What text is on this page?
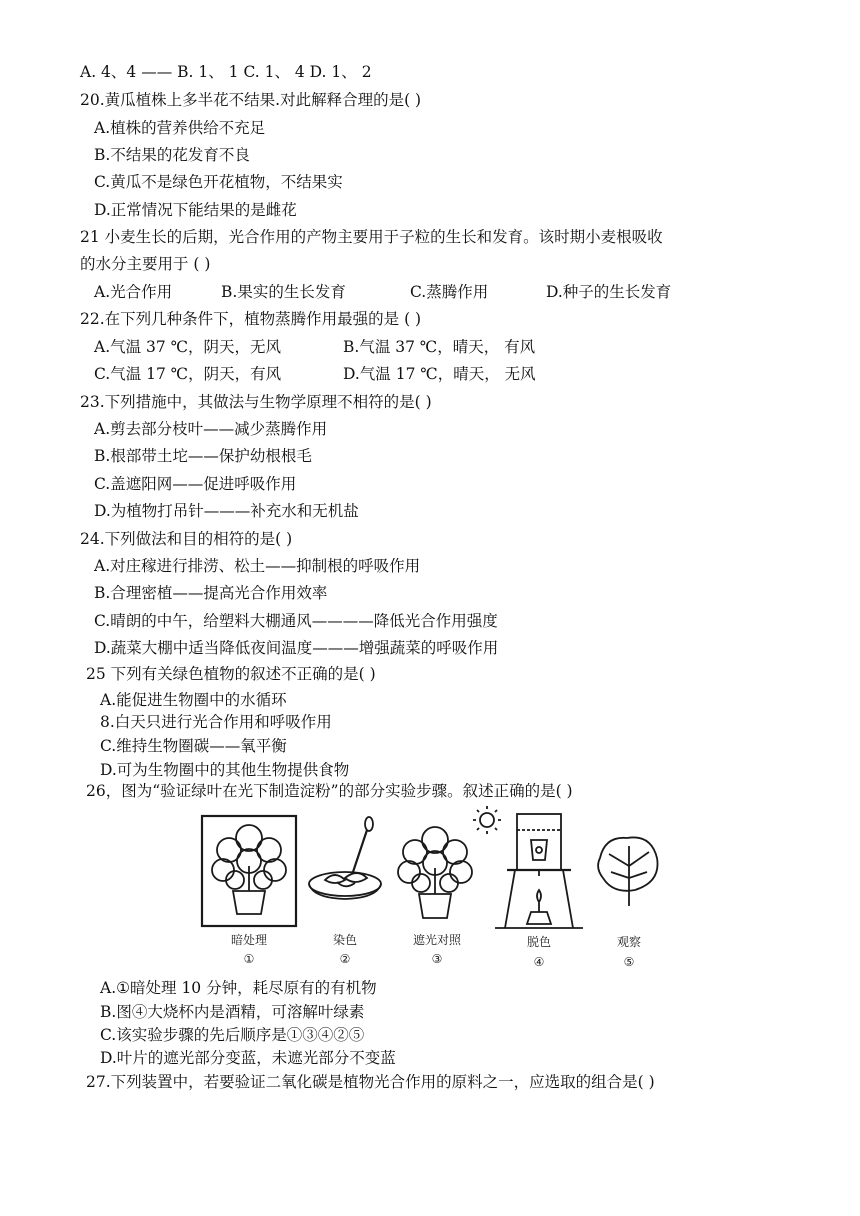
A. 4、4 —— B. 1、 1 C. 1、 4 D. 1、 2
20.黄瓜植株上多半花不结果.对此解释合理的是( )
A.植株的营养供给不充足
B.不结果的花发育不良
C.黄瓜不是绿色开花植物，不结果实
D.正常情况下能结果的是雌花
21 小麦生长的后期，光合作用的产物主要用于子粒的生长和发育。该时期小麦根吸收
的水分主要用于 ( )
A.光合作用	B.果实的生长发育	C.蒸腾作用	D.种子的生长发育
22.在下列几种条件下，植物蒸腾作用最强的是 ( )
A.气温 37 ℃，阴天，无风	B.气温 37 ℃，晴天， 有风
C.气温 17 ℃，阴天，有风	D.气温 17 ℃，晴天， 无风
23.下列措施中，其做法与生物学原理不相符的是( )
A.剪去部分枝叶——减少蒸腾作用
B.根部带土坨——保护幼根根毛
C.盖遮阳网——促进呼吸作用
D.为植物打吊针———补充水和无机盐
24.下列做法和目的相符的是( )
A.对庄稼进行排涝、松土——抑制根的呼吸作用
B.合理密植——提高光合作用效率
C.晴朗的中午，给塑料大棚通风————降低光合作用强度
D.蔬菜大棚中适当降低夜间温度———增强蔬菜的呼吸作用
25 下列有关绿色植物的叙述不正确的是( )
A.能促进生物圈中的水循环
8.白天只进行光合作用和呼吸作用
C.维持生物圈碳——氧平衡
D.可为生物圈中的其他生物提供食物
26，图为“验证绿叶在光下制造淀粉”的部分实验步骤。叙述正确的是( )
暗处理	染色	遮光对照	脱色	观察
①	②	③	④	⑤
A.①暗处理 10 分钟，耗尽原有的有机物
B.图④大烧杯内是酒精，可溶解叶绿素
C.该实验步骤的先后顺序是①③④②⑤
D.叶片的遮光部分变蓝，未遮光部分不变蓝
27.下列装置中，若要验证二氧化碳是植物光合作用的原料之一，应选取的组合是( )
